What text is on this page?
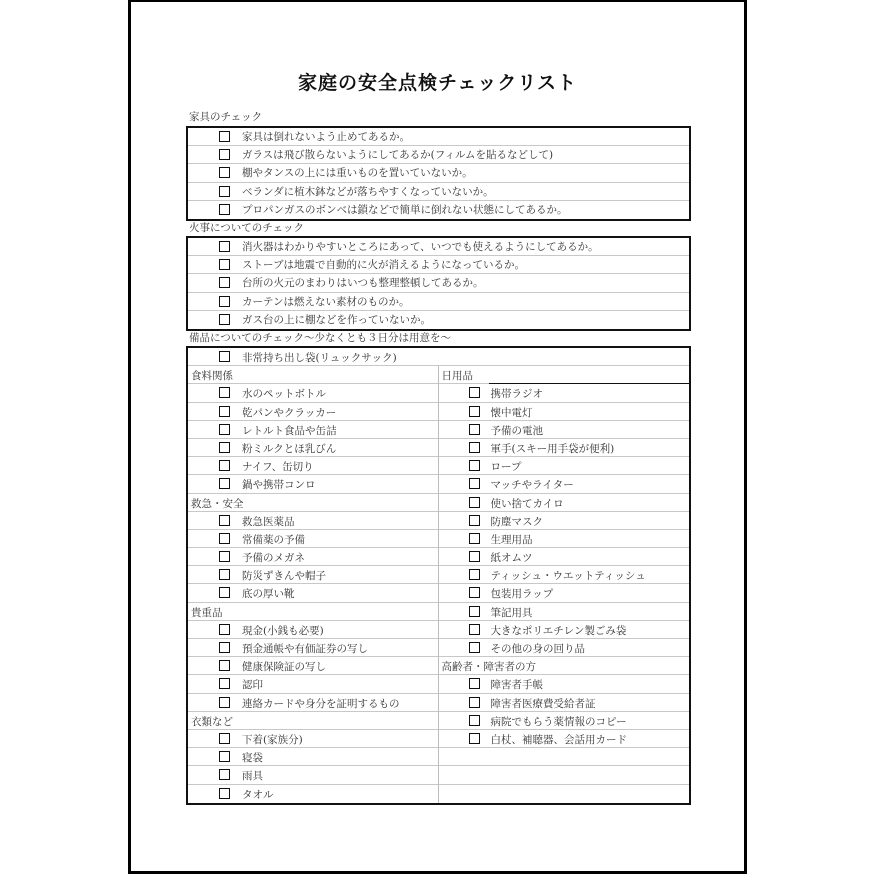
家庭の安全点検チェックリスト
家具のチェック
家具は倒れないよう止めてあるか。
ガラスは飛び散らないようにしてあるか(フィルムを貼るなどして)
棚やタンスの上には重いものを置いていないか。
ベランダに植木鉢などが落ちやすくなっていないか。
プロパンガスのボンベは鎖などで簡単に倒れない状態にしてあるか。
火事についてのチェック
消火器はわかりやすいところにあって、いつでも使えるようにしてあるか。
ストーブは地震で自動的に火が消えるようになっているか。
台所の火元のまわりはいつも整理整頓してあるか。
カーテンは燃えない素材のものか。
ガス台の上に棚などを作っていないか。
備品についてのチェック～少なくとも３日分は用意を～
非常持ち出し袋(リュックサック)
食料関係
水のペットボトル
乾パンやクラッカー
レトルト食品や缶詰
粉ミルクとほ乳びん
ナイフ、缶切り
鍋や携帯コンロ
救急・安全
救急医薬品
常備薬の予備
予備のメガネ
防災ずきんや帽子
底の厚い靴
貴重品
現金(小銭も必要)
預金通帳や有価証券の写し
健康保険証の写し
認印
連絡カードや身分を証明するもの
衣類など
下着(家族分)
寝袋
雨具
タオル
日用品
携帯ラジオ
懐中電灯
予備の電池
軍手(スキー用手袋が便利)
ロープ
マッチやライター
使い捨てカイロ
防塵マスク
生理用品
紙オムツ
ティッシュ・ウエットティッシュ
包装用ラップ
筆記用具
大きなポリエチレン製ごみ袋
その他の身の回り品
高齢者・障害者の方
障害者手帳
障害者医療費受給者証
病院でもらう薬情報のコピー
白杖、補聴器、会話用カード
